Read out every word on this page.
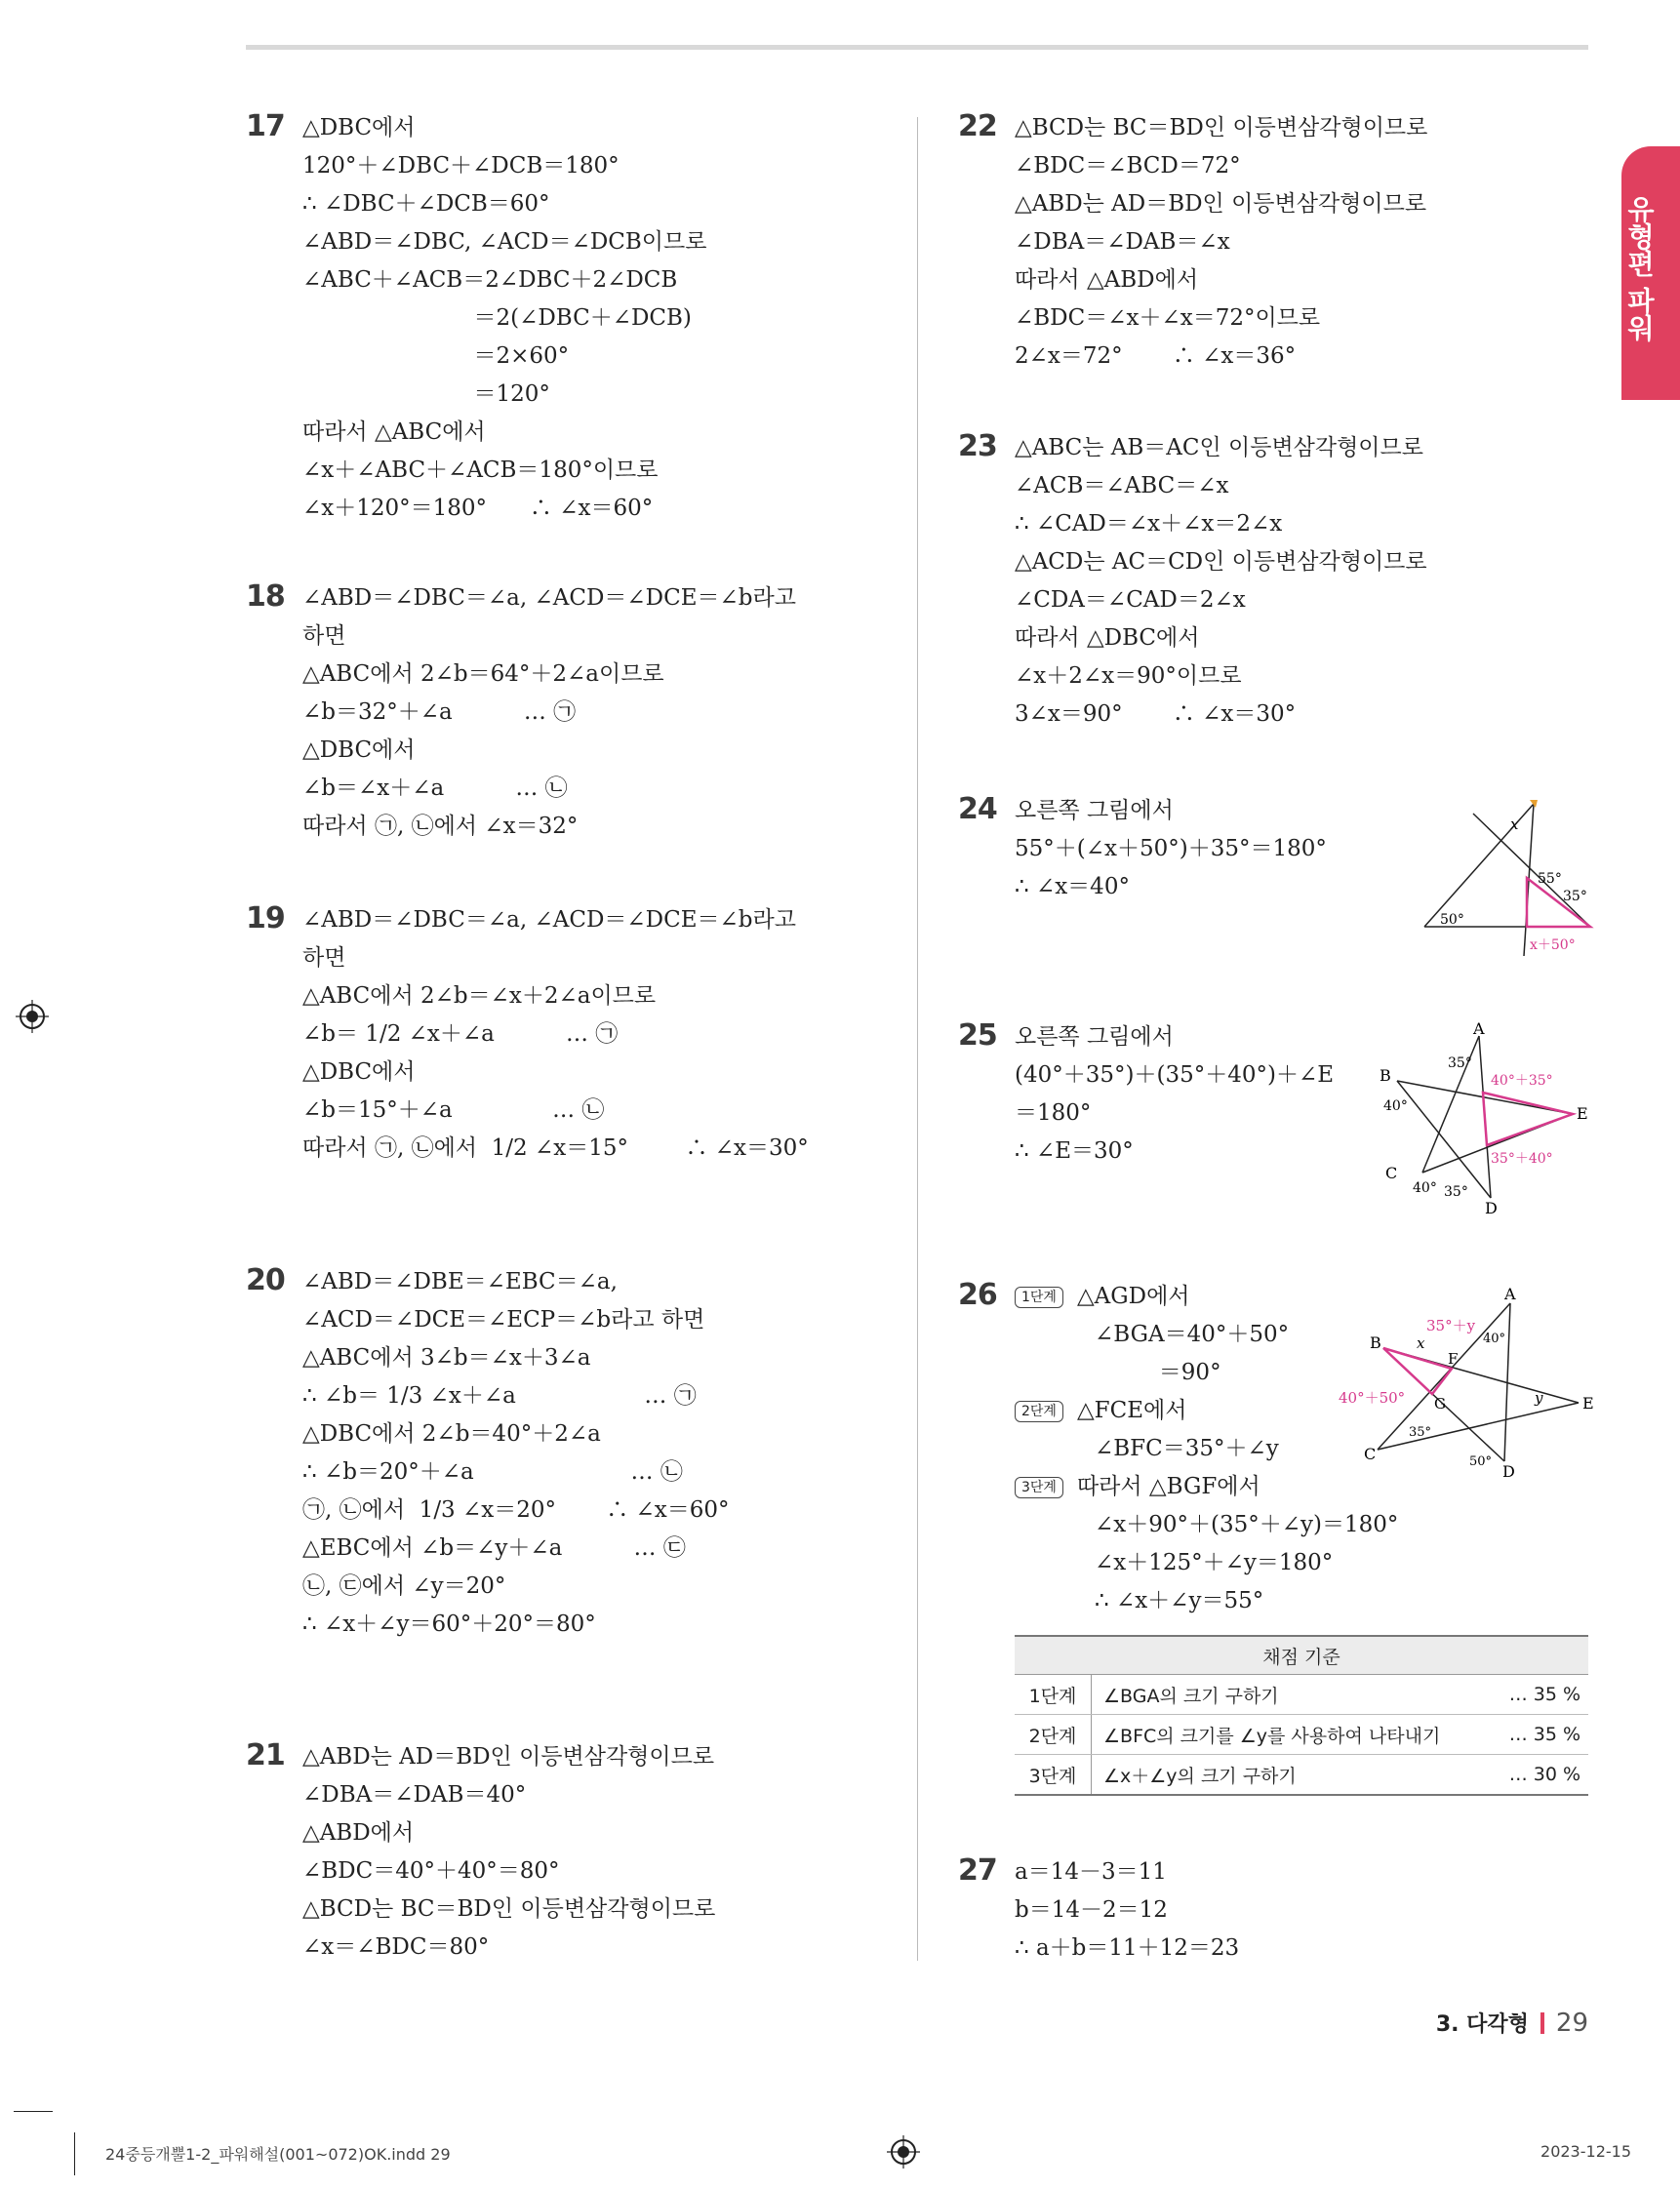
유형편 파워
17 △DBC에서
120°＋∠DBC＋∠DCB＝180°
∴ ∠DBC＋∠DCB＝60°
∠ABD＝∠DBC, ∠ACD＝∠DCB이므로
∠ABC＋∠ACB＝2∠DBC＋2∠DCB
＝2(∠DBC＋∠DCB)
＝2×60°
＝120°
따라서 △ABC에서
∠x＋∠ABC＋∠ACB＝180°이므로
∠x＋120°＝180°      ∴ ∠x＝60°
18 ∠ABD＝∠DBC＝∠a, ∠ACD＝∠DCE＝∠b라고
하면
△ABC에서 2∠b＝64°＋2∠a이므로
∠b＝32°＋∠a          … ㉠
△DBC에서
∠b＝∠x＋∠a          … ㉡
따라서 ㉠, ㉡에서 ∠x＝32°
19 ∠ABD＝∠DBC＝∠a, ∠ACD＝∠DCE＝∠b라고
하면
△ABC에서 2∠b＝∠x＋2∠a이므로
∠b＝ 1/2 ∠x＋∠a          … ㉠
△DBC에서
∠b＝15°＋∠a              … ㉡
따라서 ㉠, ㉡에서  1/2 ∠x＝15°        ∴ ∠x＝30°
20 ∠ABD＝∠DBE＝∠EBC＝∠a,
∠ACD＝∠DCE＝∠ECP＝∠b라고 하면
△ABC에서 3∠b＝∠x＋3∠a
∴ ∠b＝ 1/3 ∠x＋∠a                  … ㉠
△DBC에서 2∠b＝40°＋2∠a
∴ ∠b＝20°＋∠a                      … ㉡
㉠, ㉡에서  1/3 ∠x＝20°       ∴ ∠x＝60°
△EBC에서 ∠b＝∠y＋∠a          … ㉢
㉡, ㉢에서 ∠y＝20°
∴ ∠x＋∠y＝60°＋20°＝80°
21 △ABD는 AD＝BD인 이등변삼각형이므로
∠DBA＝∠DAB＝40°
△ABD에서
∠BDC＝40°＋40°＝80°
△BCD는 BC＝BD인 이등변삼각형이므로
∠x＝∠BDC＝80°
22 △BCD는 BC＝BD인 이등변삼각형이므로
∠BDC＝∠BCD＝72°
△ABD는 AD＝BD인 이등변삼각형이므로
∠DBA＝∠DAB＝∠x
따라서 △ABD에서
∠BDC＝∠x＋∠x＝72°이므로
2∠x＝72°       ∴ ∠x＝36°
23 △ABC는 AB＝AC인 이등변삼각형이므로
∠ACB＝∠ABC＝∠x
∴ ∠CAD＝∠x＋∠x＝2∠x
△ACD는 AC＝CD인 이등변삼각형이므로
∠CDA＝∠CAD＝2∠x
따라서 △DBC에서
∠x＋2∠x＝90°이므로
3∠x＝90°       ∴ ∠x＝30°
24 오른쪽 그림에서
55°＋(∠x＋50°)＋35°＝180°
∴ ∠x＝40°
25 오른쪽 그림에서
(40°＋35°)＋(35°＋40°)＋∠E
＝180°
∴ ∠E＝30°
26	1단계 △AGD에서
∠BGA＝40°＋50°
＝90°
2단계 △FCE에서
∠BFC＝35°＋∠y
3단계 따라서 △BGF에서
∠x＋90°＋(35°＋∠y)＝180°
∠x＋125°＋∠y＝180°
∴ ∠x＋∠y＝55°
27 a＝14－3＝11
b＝14－2＝12
∴ a＋b＝11＋12＝23
x
55°
35°
50°
x＋50°
A
B
C
D
E
35°
40°
40° 35°
40°＋35°
35°＋40°
A
B
C
D
E
F
G
x
y
40°
50°
35°
35°＋y
40°＋50°
채점 기준		
1단계	∠BGA의 크기 구하기	… 35 %
2단계	∠BFC의 크기를 ∠y를 사용하여 나타내기	… 35 %
3단계	∠x＋∠y의 크기 구하기	… 30 %
3. 다각형 29
24중등개뿔1-2_파워해설(001~072)OK.indd 29	2023-12-15
